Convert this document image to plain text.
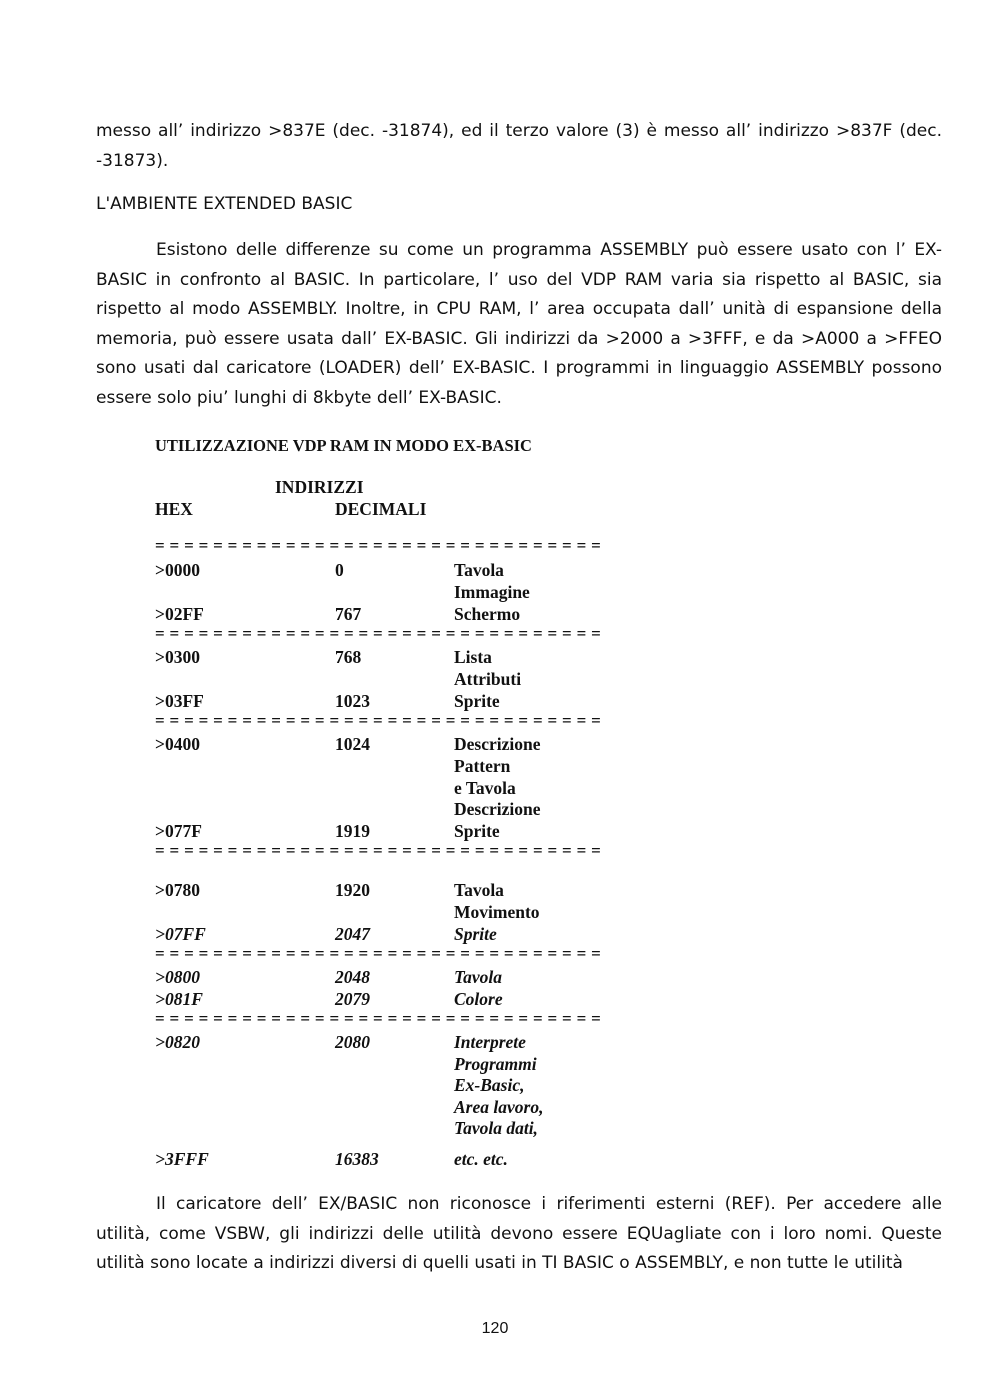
messo all’ indirizzo >837E (dec. -31874), ed il terzo valore (3) è messo all’ indirizzo >837F (dec. -31873).

L'AMBIENTE EXTENDED BASIC

Esistono delle differenze su come un programma ASSEMBLY può essere usato con l’ EX-BASIC in confronto al BASIC. In particolare, l’ uso del VDP RAM varia sia rispetto al BASIC, sia rispetto al modo ASSEMBLY. Inoltre, in CPU RAM, l’ area occupata dall’ unità di espansione della memoria, può essere usata dall’ EX-BASIC. Gli indirizzi da >2000 a >3FFF, e da >A000 a >FFEO sono usati dal caricatore (LOADER) dell’ EX-BASIC. I programmi in linguaggio ASSEMBLY possono essere solo piu’ lunghi di 8kbyte dell’ EX-BASIC.

UTILIZZAZIONE VDP RAM IN MODO EX-BASIC
INDIRIZZI
HEX	DECIMALI
= = = = = = = = = = = = = = = = = = = = = = = = = = = = = = =
>0000	0	Tavola
Immagine
>02FF	767	Schermo
= = = = = = = = = = = = = = = = = = = = = = = = = = = = = = =
>0300	768	Lista
Attributi
>03FF	1023	Sprite
= = = = = = = = = = = = = = = = = = = = = = = = = = = = = = =
>0400	1024	Descrizione
Pattern
e Tavola
Descrizione
>077F	1919	Sprite
= = = = = = = = = = = = = = = = = = = = = = = = = = = = = = =
>0780	1920	Tavola
Movimento
>07FF	2047	Sprite
= = = = = = = = = = = = = = = = = = = = = = = = = = = = = = =
>0800	2048	Tavola
>081F	2079	Colore
= = = = = = = = = = = = = = = = = = = = = = = = = = = = = = =
>0820	2080	Interprete
Programmi
Ex-Basic,
Area lavoro,
Tavola dati,
>3FFF	16383	etc. etc.

Il caricatore dell’ EX/BASIC non riconosce i riferimenti esterni (REF). Per accedere alle utilità, come VSBW, gli indirizzi delle utilità devono essere EQUagliate con i loro nomi. Queste utilità sono locate a indirizzi diversi di quelli usati in TI BASIC o ASSEMBLY, e non tutte le utilità

120
